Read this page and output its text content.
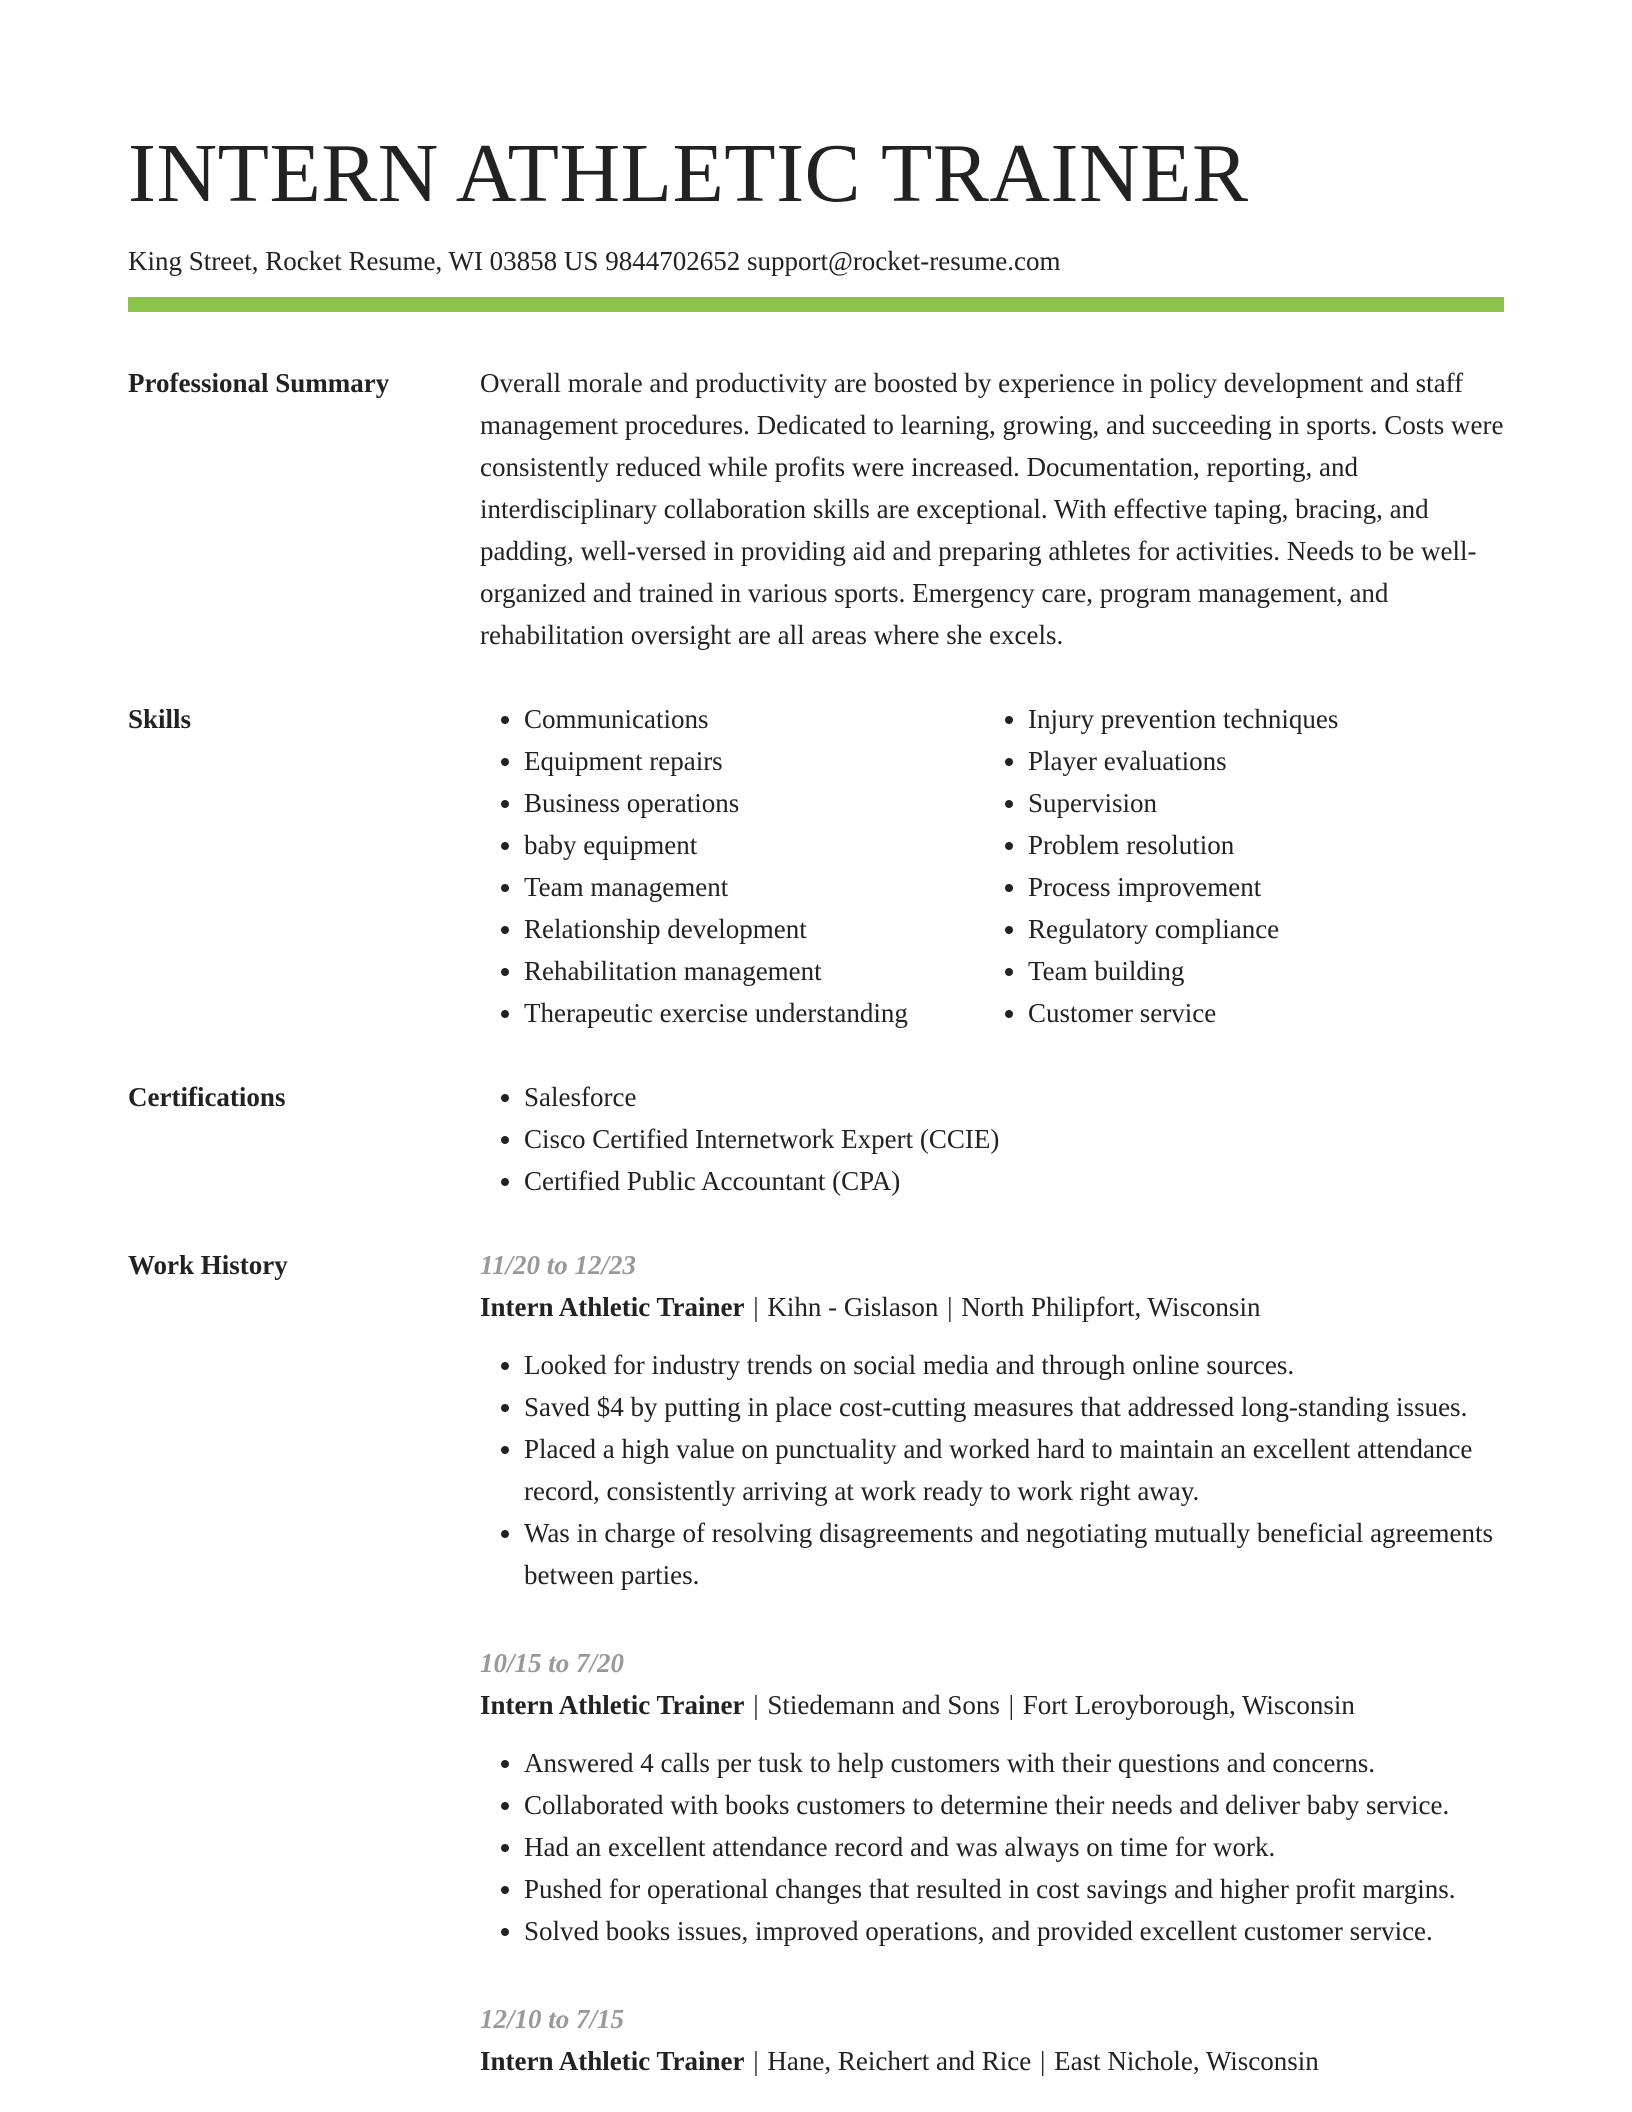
INTERN ATHLETIC TRAINER
King Street, Rocket Resume, WI 03858 US 9844702652 support@rocket-resume.com
Professional Summary	Overall morale and productivity are boosted by experience in policy development and staff management procedures. Dedicated to learning, growing, and succeeding in sports. Costs were consistently reduced while profits were increased. Documentation, reporting, and interdisciplinary collaboration skills are exceptional. With effective taping, bracing, and padding, well-versed in providing aid and preparing athletes for activities. Needs to be well-organized and trained in various sports. Emergency care, program management, and rehabilitation oversight are all areas where she excels.

Skills	• Communications
• Equipment repairs
• Business operations
• baby equipment
• Team management
• Relationship development
• Rehabilitation management
• Therapeutic exercise understanding
• Injury prevention techniques
• Player evaluations
• Supervision
• Problem resolution
• Process improvement
• Regulatory compliance
• Team building
• Customer service
Certifications	• Salesforce
• Cisco Certified Internetwork Expert (CCIE)
• Certified Public Accountant (CPA)
Work History	11/20 to 12/23
Intern Athletic Trainer | Kihn - Gislason | North Philipfort, Wisconsin
• Looked for industry trends on social media and through online sources.
• Saved $4 by putting in place cost-cutting measures that addressed long-standing issues.
• Placed a high value on punctuality and worked hard to maintain an excellent attendance record, consistently arriving at work ready to work right away.
• Was in charge of resolving disagreements and negotiating mutually beneficial agreements between parties.
10/15 to 7/20
Intern Athletic Trainer | Stiedemann and Sons | Fort Leroyborough, Wisconsin
• Answered 4 calls per tusk to help customers with their questions and concerns.
• Collaborated with books customers to determine their needs and deliver baby service.
• Had an excellent attendance record and was always on time for work.
• Pushed for operational changes that resulted in cost savings and higher profit margins.
• Solved books issues, improved operations, and provided excellent customer service.
12/10 to 7/15
Intern Athletic Trainer | Hane, Reichert and Rice | East Nichole, Wisconsin
